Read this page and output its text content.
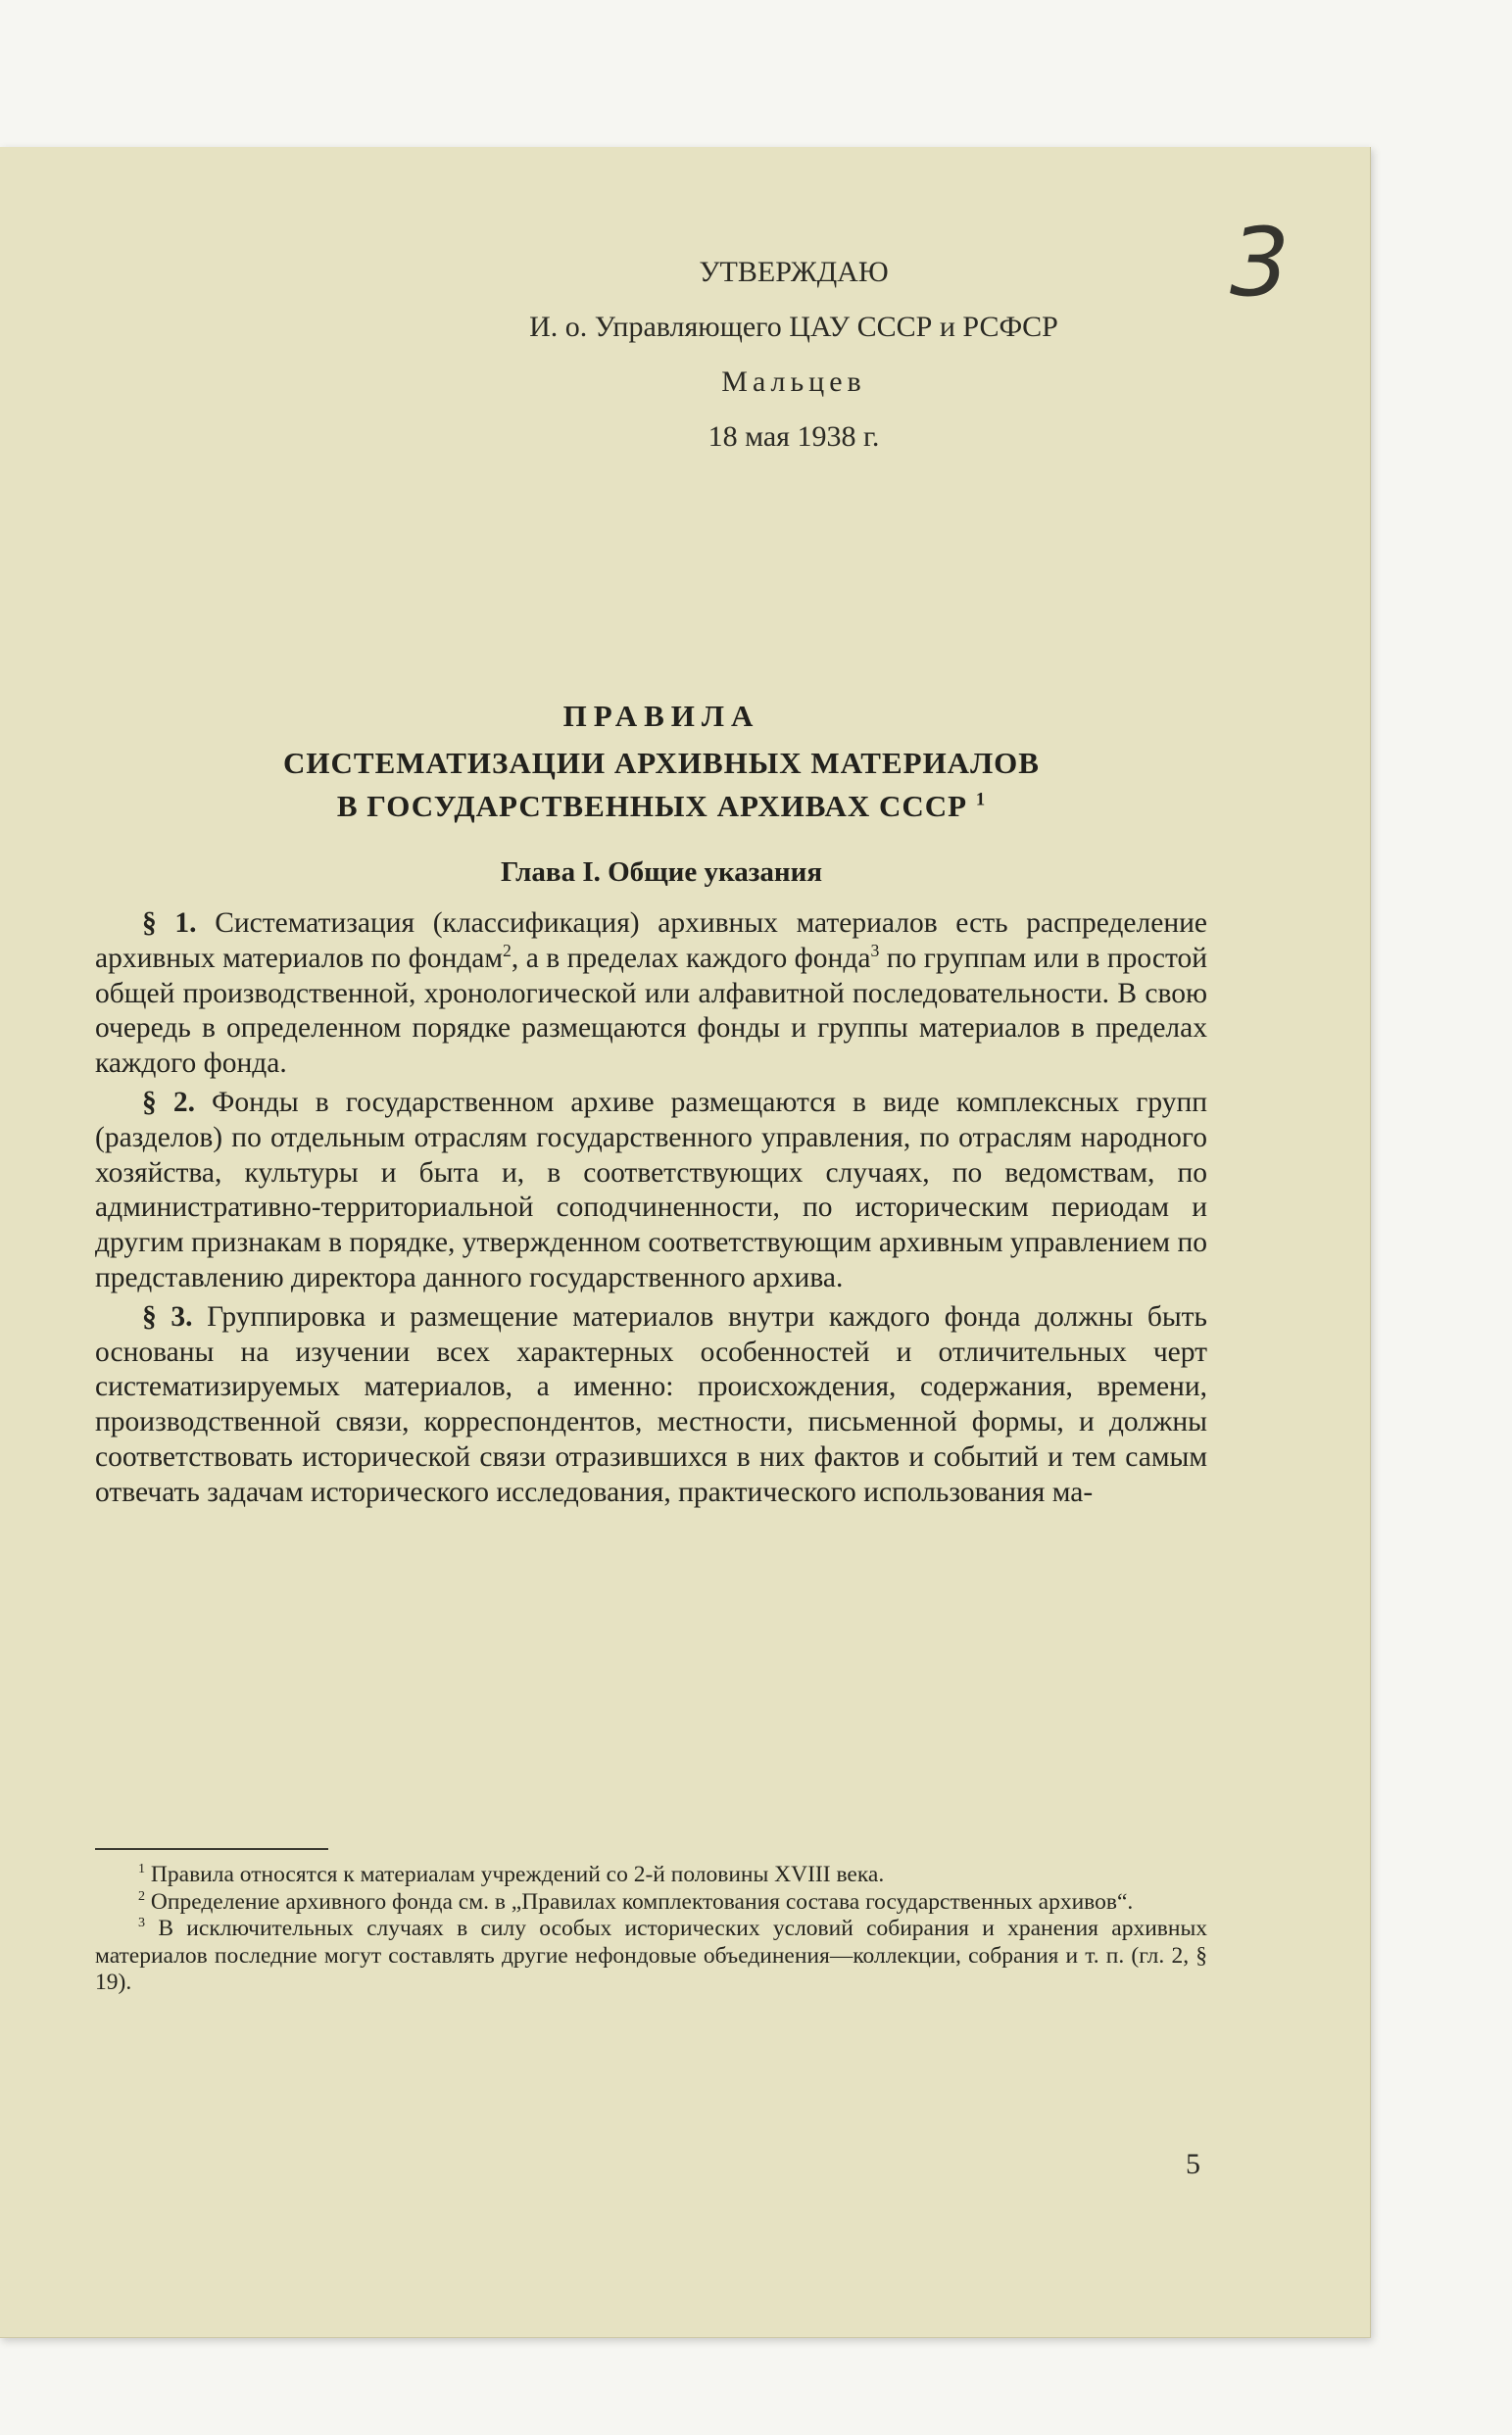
УТВЕРЖДАЮ
И. о. Управляющего ЦАУ СССР и РСФСР
Мальцев
18 мая 1938 г.
3
ПРАВИЛА
СИСТЕМАТИЗАЦИИ АРХИВНЫХ МАТЕРИАЛОВ
В ГОСУДАРСТВЕННЫХ АРХИВАХ СССР $^1$
Глава I. Общие указания

§ 1. Систематизация (классификация) архивных материалов есть распределение архивных материалов по фондам$^2$, а в пределах каждого фонда$^3$ по группам или в простой общей производственной, хронологической или алфавитной последовательности. В свою очередь в определенном порядке размещаются фонды и группы материалов в пределах каждого фонда.

§ 2. Фонды в государственном архиве размещаются в виде комплексных групп (разделов) по отдельным отраслям государственного управления, по отраслям народного хозяйства, культуры и быта и, в соответствующих случаях, по ведомствам, по административно-территориальной соподчиненности, по историческим периодам и другим признакам в порядке, утвержденном соответствующим архивным управлением по представлению директора данного государственного архива.

§ 3. Группировка и размещение материалов внутри каждого фонда должны быть основаны на изучении всех характерных особенностей и отличительных черт систематизируемых материалов, а именно: происхождения, содержания, времени, производственной связи, корреспондентов, местности, письменной формы, и должны соответствовать исторической связи отразившихся в них фактов и событий и тем самым отвечать задачам исторического исследования, практического использования ма-

$^1$ Правила относятся к материалам учреждений со 2-й половины XVIII века.

$^2$ Определение архивного фонда см. в „Правилах комплектования состава государственных архивов“.

$^3$ В исключительных случаях в силу особых исторических условий собирания и хранения архивных материалов последние могут составлять другие нефондовые объединения—коллекции, собрания и т. п. (гл. 2, § 19).

5
